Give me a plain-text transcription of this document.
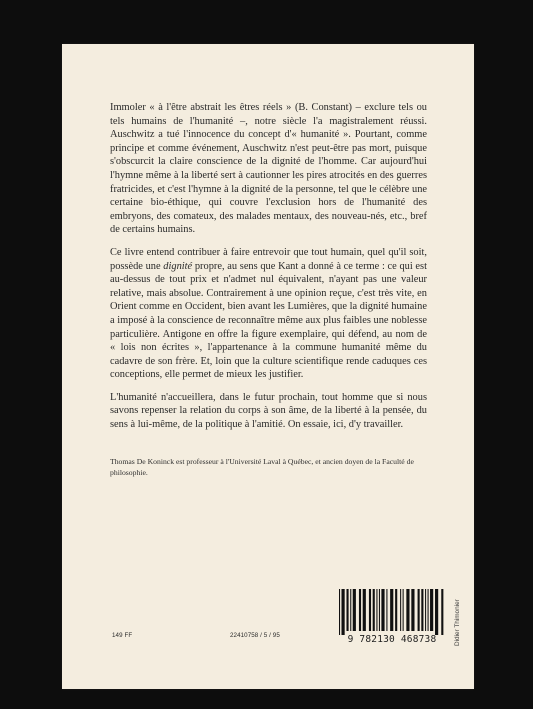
Immoler « à l'être abstrait les êtres réels » (B. Constant) – exclure tels ou tels humains de l'humanité –, notre siècle l'a magistralement réussi. Auschwitz a tué l'innocence du concept d'« humanité ». Pourtant, comme principe et comme événement, Auschwitz n'est peut-être pas mort, puisque s'obscurcit la claire conscience de la dignité de l'homme. Car aujourd'hui l'hymne même à la liberté sert à cautionner les pires atrocités en des guerres fratricides, et c'est l'hymne à la dignité de la personne, tel que le célèbre une certaine bio-éthique, qui couvre l'exclusion hors de l'humanité des embryons, des comateux, des malades mentaux, des nouveau-nés, etc., bref de certains humains.

Ce livre entend contribuer à faire entrevoir que tout humain, quel qu'il soit, possède une dignité propre, au sens que Kant a donné à ce terme : ce qui est au-dessus de tout prix et n'admet nul équivalent, n'ayant pas une valeur relative, mais absolue. Contrairement à une opinion reçue, c'est très vite, en Orient comme en Occident, bien avant les Lumières, que la dignité humaine a imposé à la conscience de reconnaître même aux plus faibles une noblesse particulière. Antigone en offre la figure exemplaire, qui défend, au nom de « lois non écrites », l'appartenance à la commune humanité même du cadavre de son frère. Et, loin que la culture scientifique rende caduques ces conceptions, elle permet de mieux les justifier.

L'humanité n'accueillera, dans le futur prochain, tout homme que si nous savons repenser la relation du corps à son âme, de la liberté à la pensée, du sens à lui-même, de la politique à l'amitié. On essaie, ici, d'y travailler.

Thomas De Koninck est professeur à l'Université Laval à Québec, et ancien doyen de la Faculté de philosophie.
149 FF	22410758 / 5 / 95	9 782130 468738	Didier Thimonier
